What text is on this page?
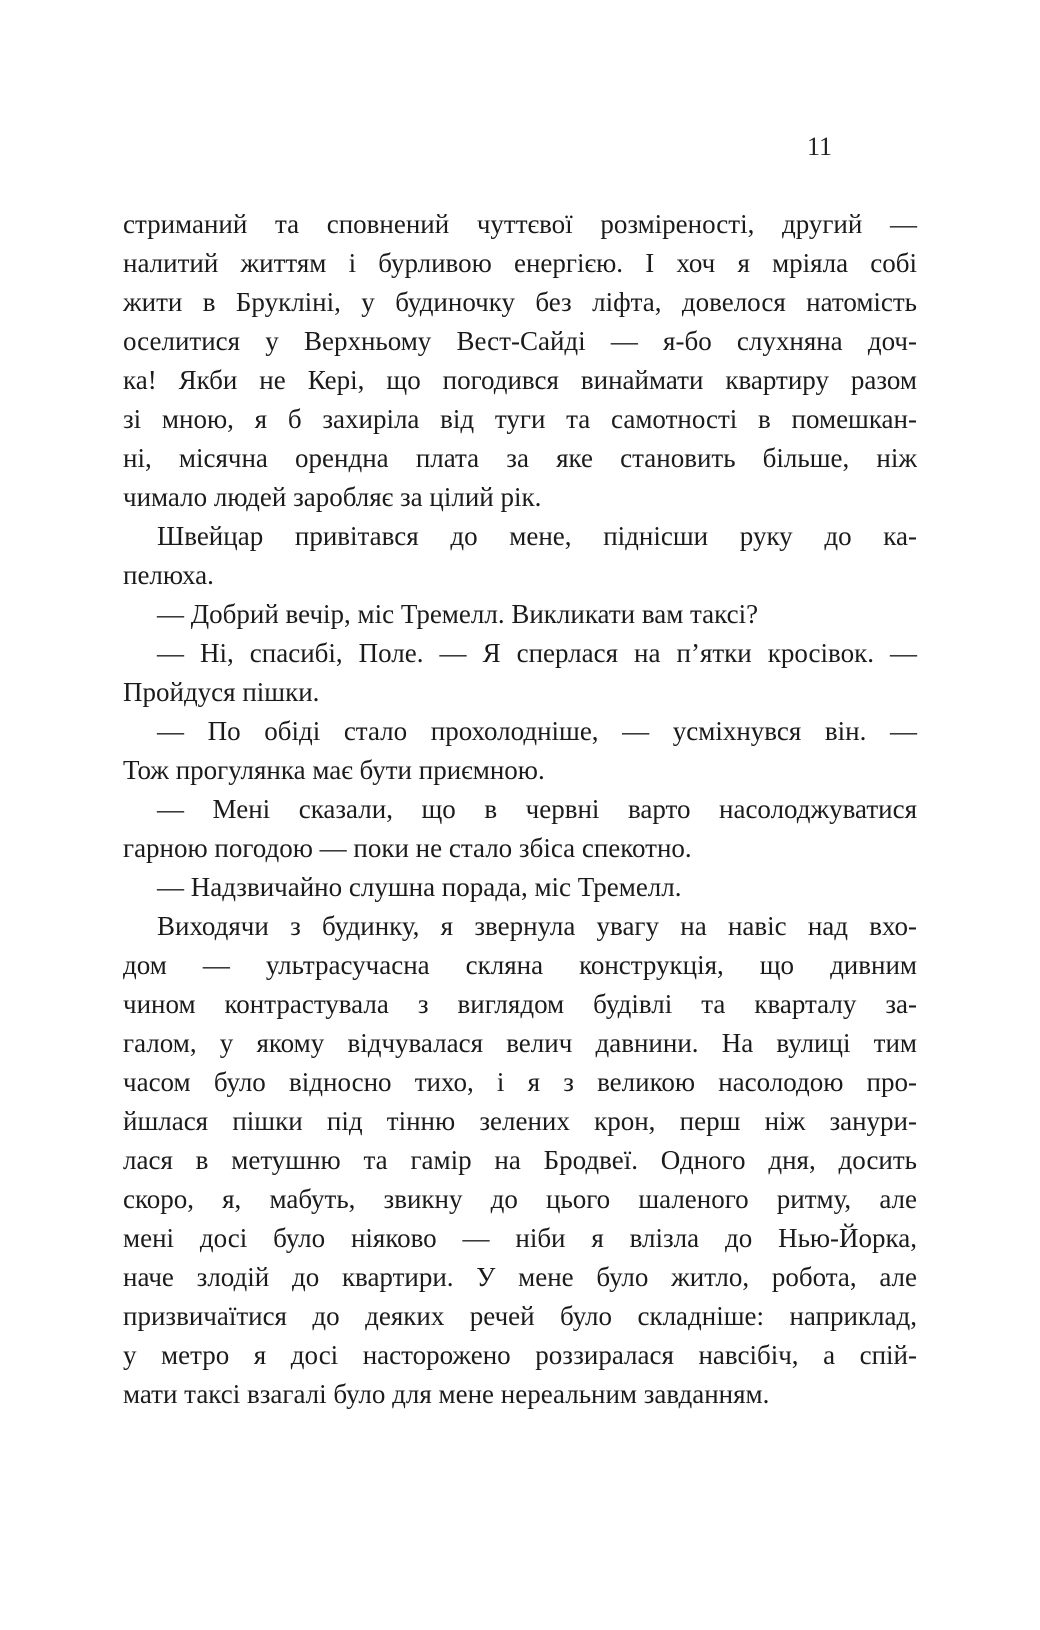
11
стриманий та сповнений чуттєвої розміреності, другий —
налитий життям і бурливою енергією. І хоч я мріяла собі
жити в Брукліні, у будиночку без ліфта, довелося натомість
оселитися у Верхньому Вест-Сайді — я-бо слухняна доч-
ка! Якби не Кері, що погодився винаймати квартиру разом
зі мною, я б захиріла від туги та самотності в помешкан-
ні, місячна орендна плата за яке становить більше, ніж
чимало людей заробляє за цілий рік.
Швейцар привітався до мене, піднісши руку до ка-
пелюха.
— Добрий вечір, міс Тремелл. Викликати вам таксі?
— Ні, спасибі, Поле. — Я сперлася на п’ятки кросівок. —
Пройдуся пішки.
— По обіді стало прохолодніше, — усміхнувся він. —
Тож прогулянка має бути приємною.
— Мені сказали, що в червні варто насолоджуватися
гарною погодою — поки не стало збіса спекотно.
— Надзвичайно слушна порада, міс Тремелл.
Виходячи з будинку, я звернула увагу на навіс над вхо-
дом — ультрасучасна скляна конструкція, що дивним
чином контрастувала з виглядом будівлі та кварталу за-
галом, у якому відчувалася велич давнини. На вулиці тим
часом було відносно тихо, і я з великою насолодою про-
йшлася пішки під тінню зелених крон, перш ніж занури-
лася в метушню та гамір на Бродвеї. Одного дня, досить
скоро, я, мабуть, звикну до цього шаленого ритму, але
мені досі було ніяково — ніби я влізла до Нью-Йорка,
наче злодій до квартири. У мене було житло, робота, але
призвичаїтися до деяких речей було складніше: наприклад,
у метро я досі насторожено роззиралася навсібіч, а спій-
мати таксі взагалі було для мене нереальним завданням.
